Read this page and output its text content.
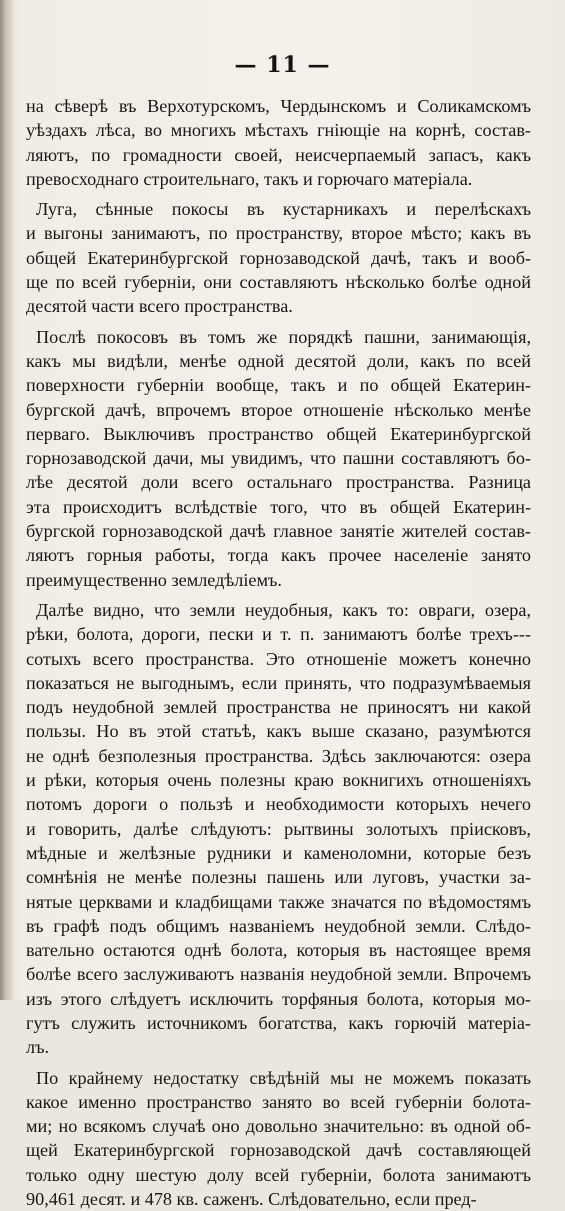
— 11 —
на сѣверѣ въ Верхотурскомъ, Чердынскомъ и Соликамскомъ
уѣздахъ лѣса, во многихъ мѣстахъ гніющіе на корнѣ, состав-
ляютъ, по громадности своей, неисчерпаемый запасъ, какъ
превосходнаго строительнаго, такъ и горючаго матеріала.
Луга, сѣнные покосы въ кустарникахъ и перелѣскахъ
и выгоны занимаютъ, по пространству, второе мѣсто; какъ въ
общей Екатеринбургской горнозаводской дачѣ, такъ и вооб-
ще по всей губерніи, они составляютъ нѣсколько болѣе одной
десятой части всего пространства.
Послѣ покосовъ въ томъ же порядкѣ пашни, занимающія,
какъ мы видѣли, менѣе одной десятой доли, какъ по всей
поверхности губерніи вообще, такъ и по общей Екатерин-
бургской дачѣ, впрочемъ второе отношеніе нѣсколько менѣе
перваго. Выключивъ пространство общей Екатеринбургской
горнозаводской дачи, мы увидимъ, что пашни составляютъ бо-
лѣе десятой доли всего остальнаго пространства. Разница
эта происходитъ вслѣдствіе того, что въ общей Екатерин-
бургской горнозаводской дачѣ главное занятіе жителей состав-
ляютъ горныя работы, тогда какъ прочее населеніе занято
преимущественно земледѣліемъ.
Далѣе видно, что земли неудобныя, какъ то: овраги, озера,
рѣки, болота, дороги, пески и т. п. занимаютъ болѣе трехъ---
сотыхъ всего пространства. Это отношеніе можетъ конечно
показаться не выгоднымъ, если принять, что подразумѣваемыя
подъ неудобной землей пространства не приносятъ ни какой
пользы. Но въ этой статьѣ, какъ выше сказано, разумѣются
не однѣ безполезныя пространства. Здѣсь заключаются: озера
и рѣки, которыя очень полезны краю вокнигихъ отношеніяхъ
потомъ дороги о пользѣ и необходимости которыхъ нечего
и говорить, далѣе слѣдуютъ: рытвины золотыхъ пріисковъ,
мѣдные и желѣзные рудники и каменоломни, которые безъ
сомнѣнія не менѣе полезны пашень или луговъ, участки за-
нятые церквами и кладбищами также значатся по вѣдомостямъ
въ графѣ подъ общимъ названіемъ неудобной земли. Слѣдо-
вательно остаются однѣ болота, которыя въ настоящее время
болѣе всего заслуживаютъ названія неудобной земли. Впрочемъ
изъ этого слѣдуетъ исключить торфяныя болота, которыя мо-
гутъ служить источникомъ богатства, какъ горючій матеріа-
лъ.
По крайнему недостатку свѣдѣній мы не можемъ показать
какое именно пространство занято во всей губерніи болота-
ми; но всякомъ случаѣ оно довольно значительно: въ одной об-
щей Екатеринбургской горнозаводской дачѣ составляющей
только одну шестую долу всей губерніи, болота занимаютъ
90,461 десят. и 478 кв. саженъ. Слѣдовательно, если пред-
